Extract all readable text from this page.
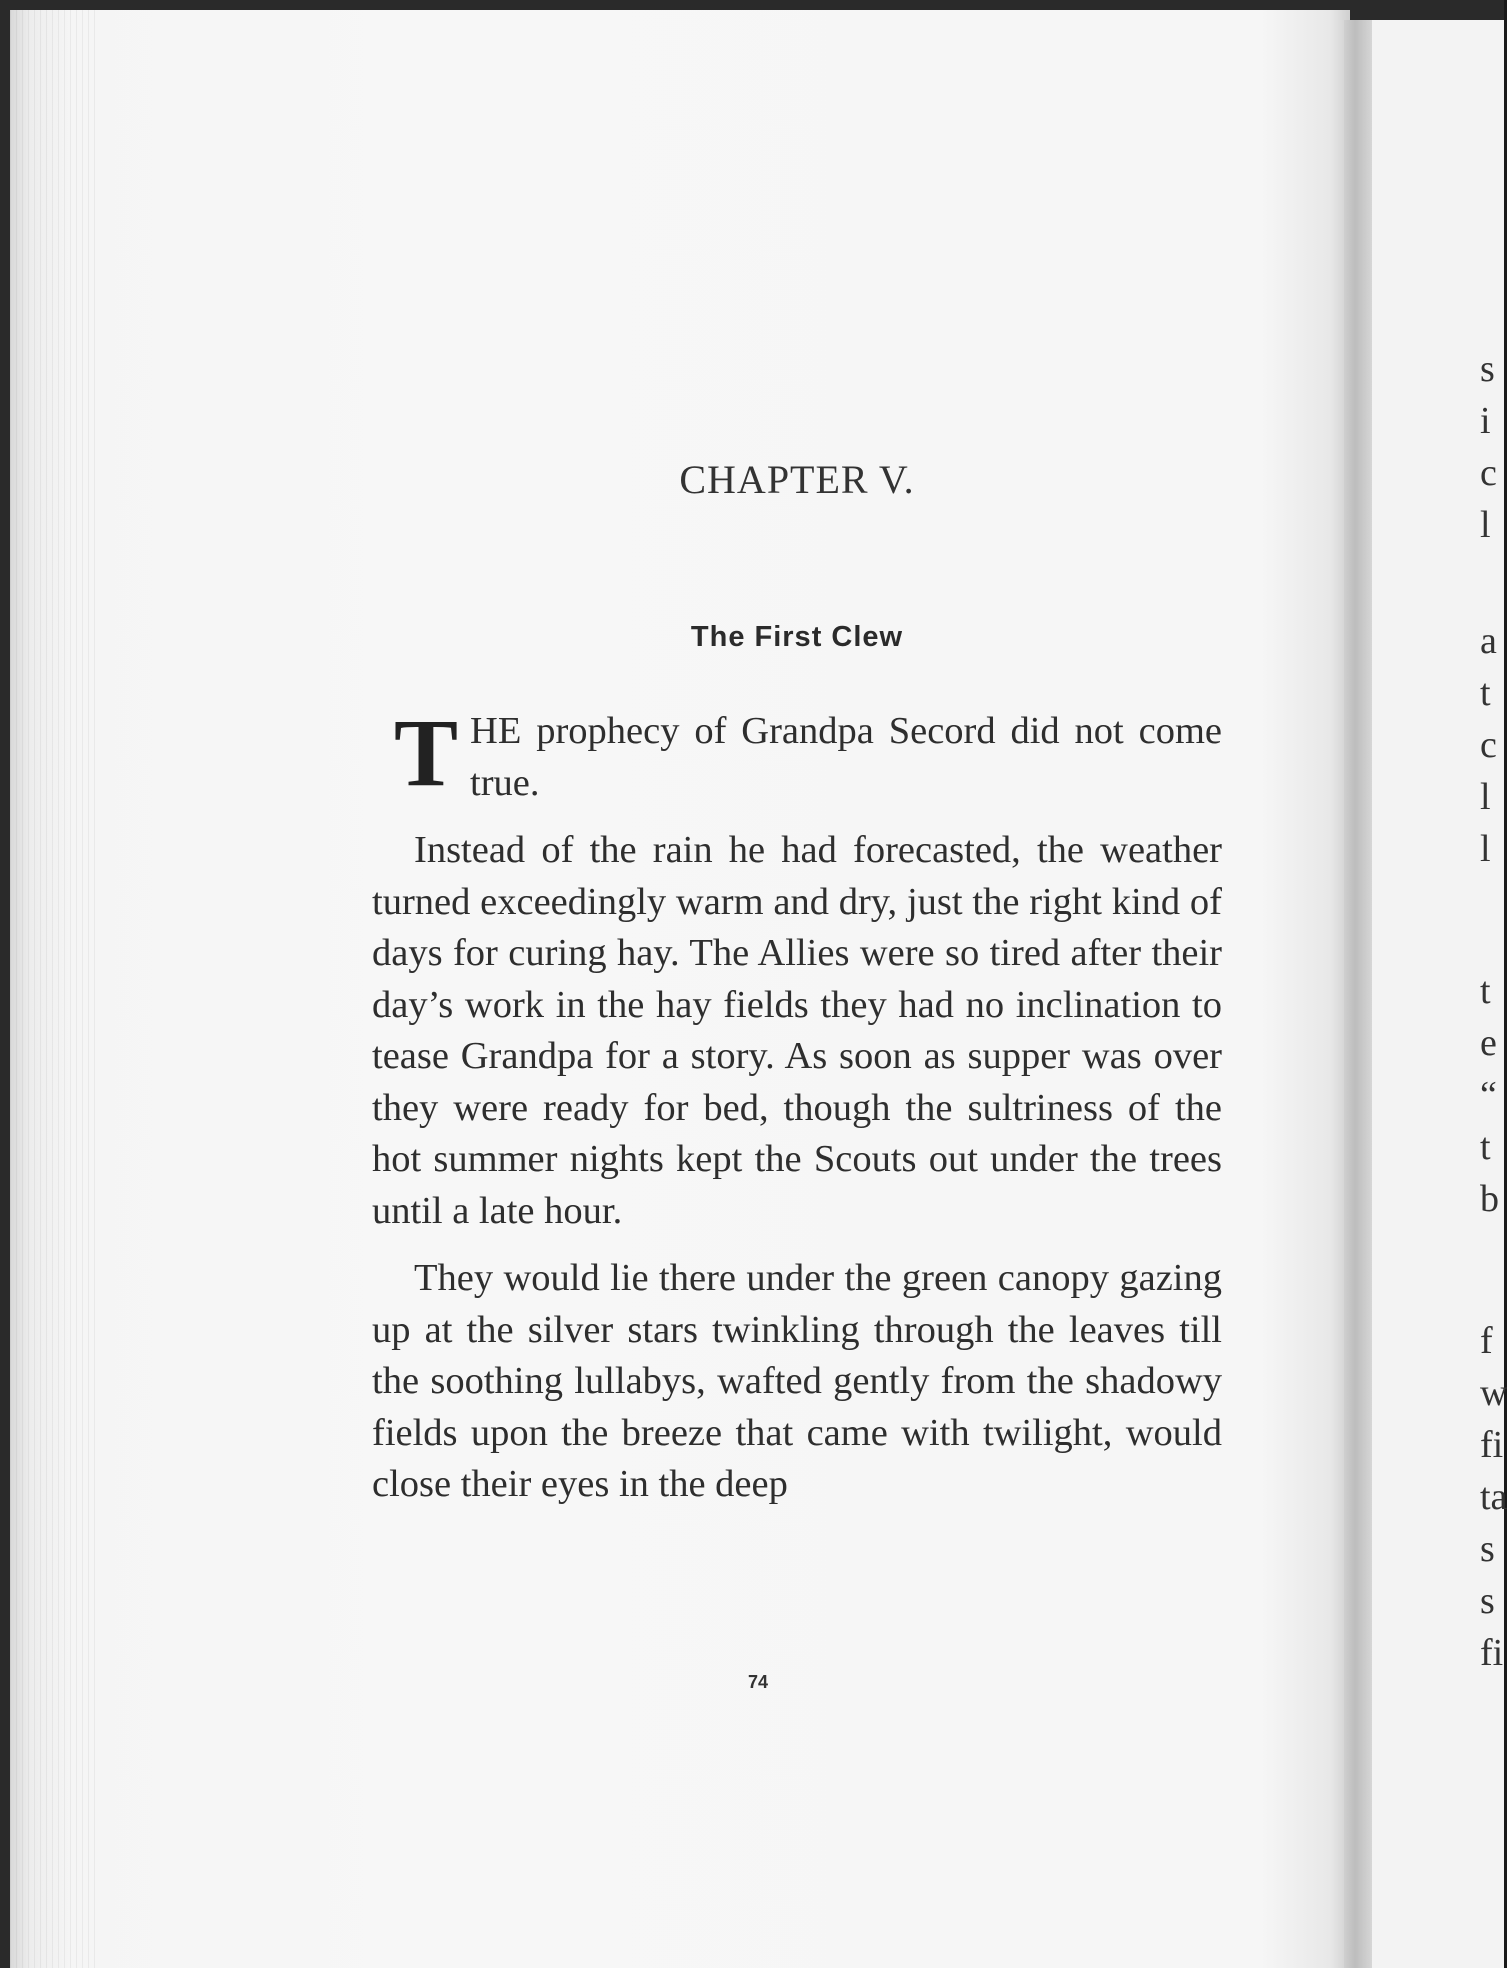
s
i
c
l
a
t
c
l
l
t
e
“
t
b
f
w
fi
ta
s
s
fi
CHAPTER V.
The First Clew

T HE prophecy of Grandpa Secord did not come true.

Instead of the rain he had forecasted, the weather turned exceedingly warm and dry, just the right kind of days for curing hay. The Allies were so tired after their day’s work in the hay fields they had no inclination to tease Grandpa for a story. As soon as supper was over they were ready for bed, though the sultriness of the hot summer nights kept the Scouts out under the trees until a late hour.

They would lie there under the green canopy gazing up at the silver stars twinkling through the leaves till the soothing lullabys, wafted gently from the shadowy fields upon the breeze that came with twilight, would close their eyes in the deep

74
